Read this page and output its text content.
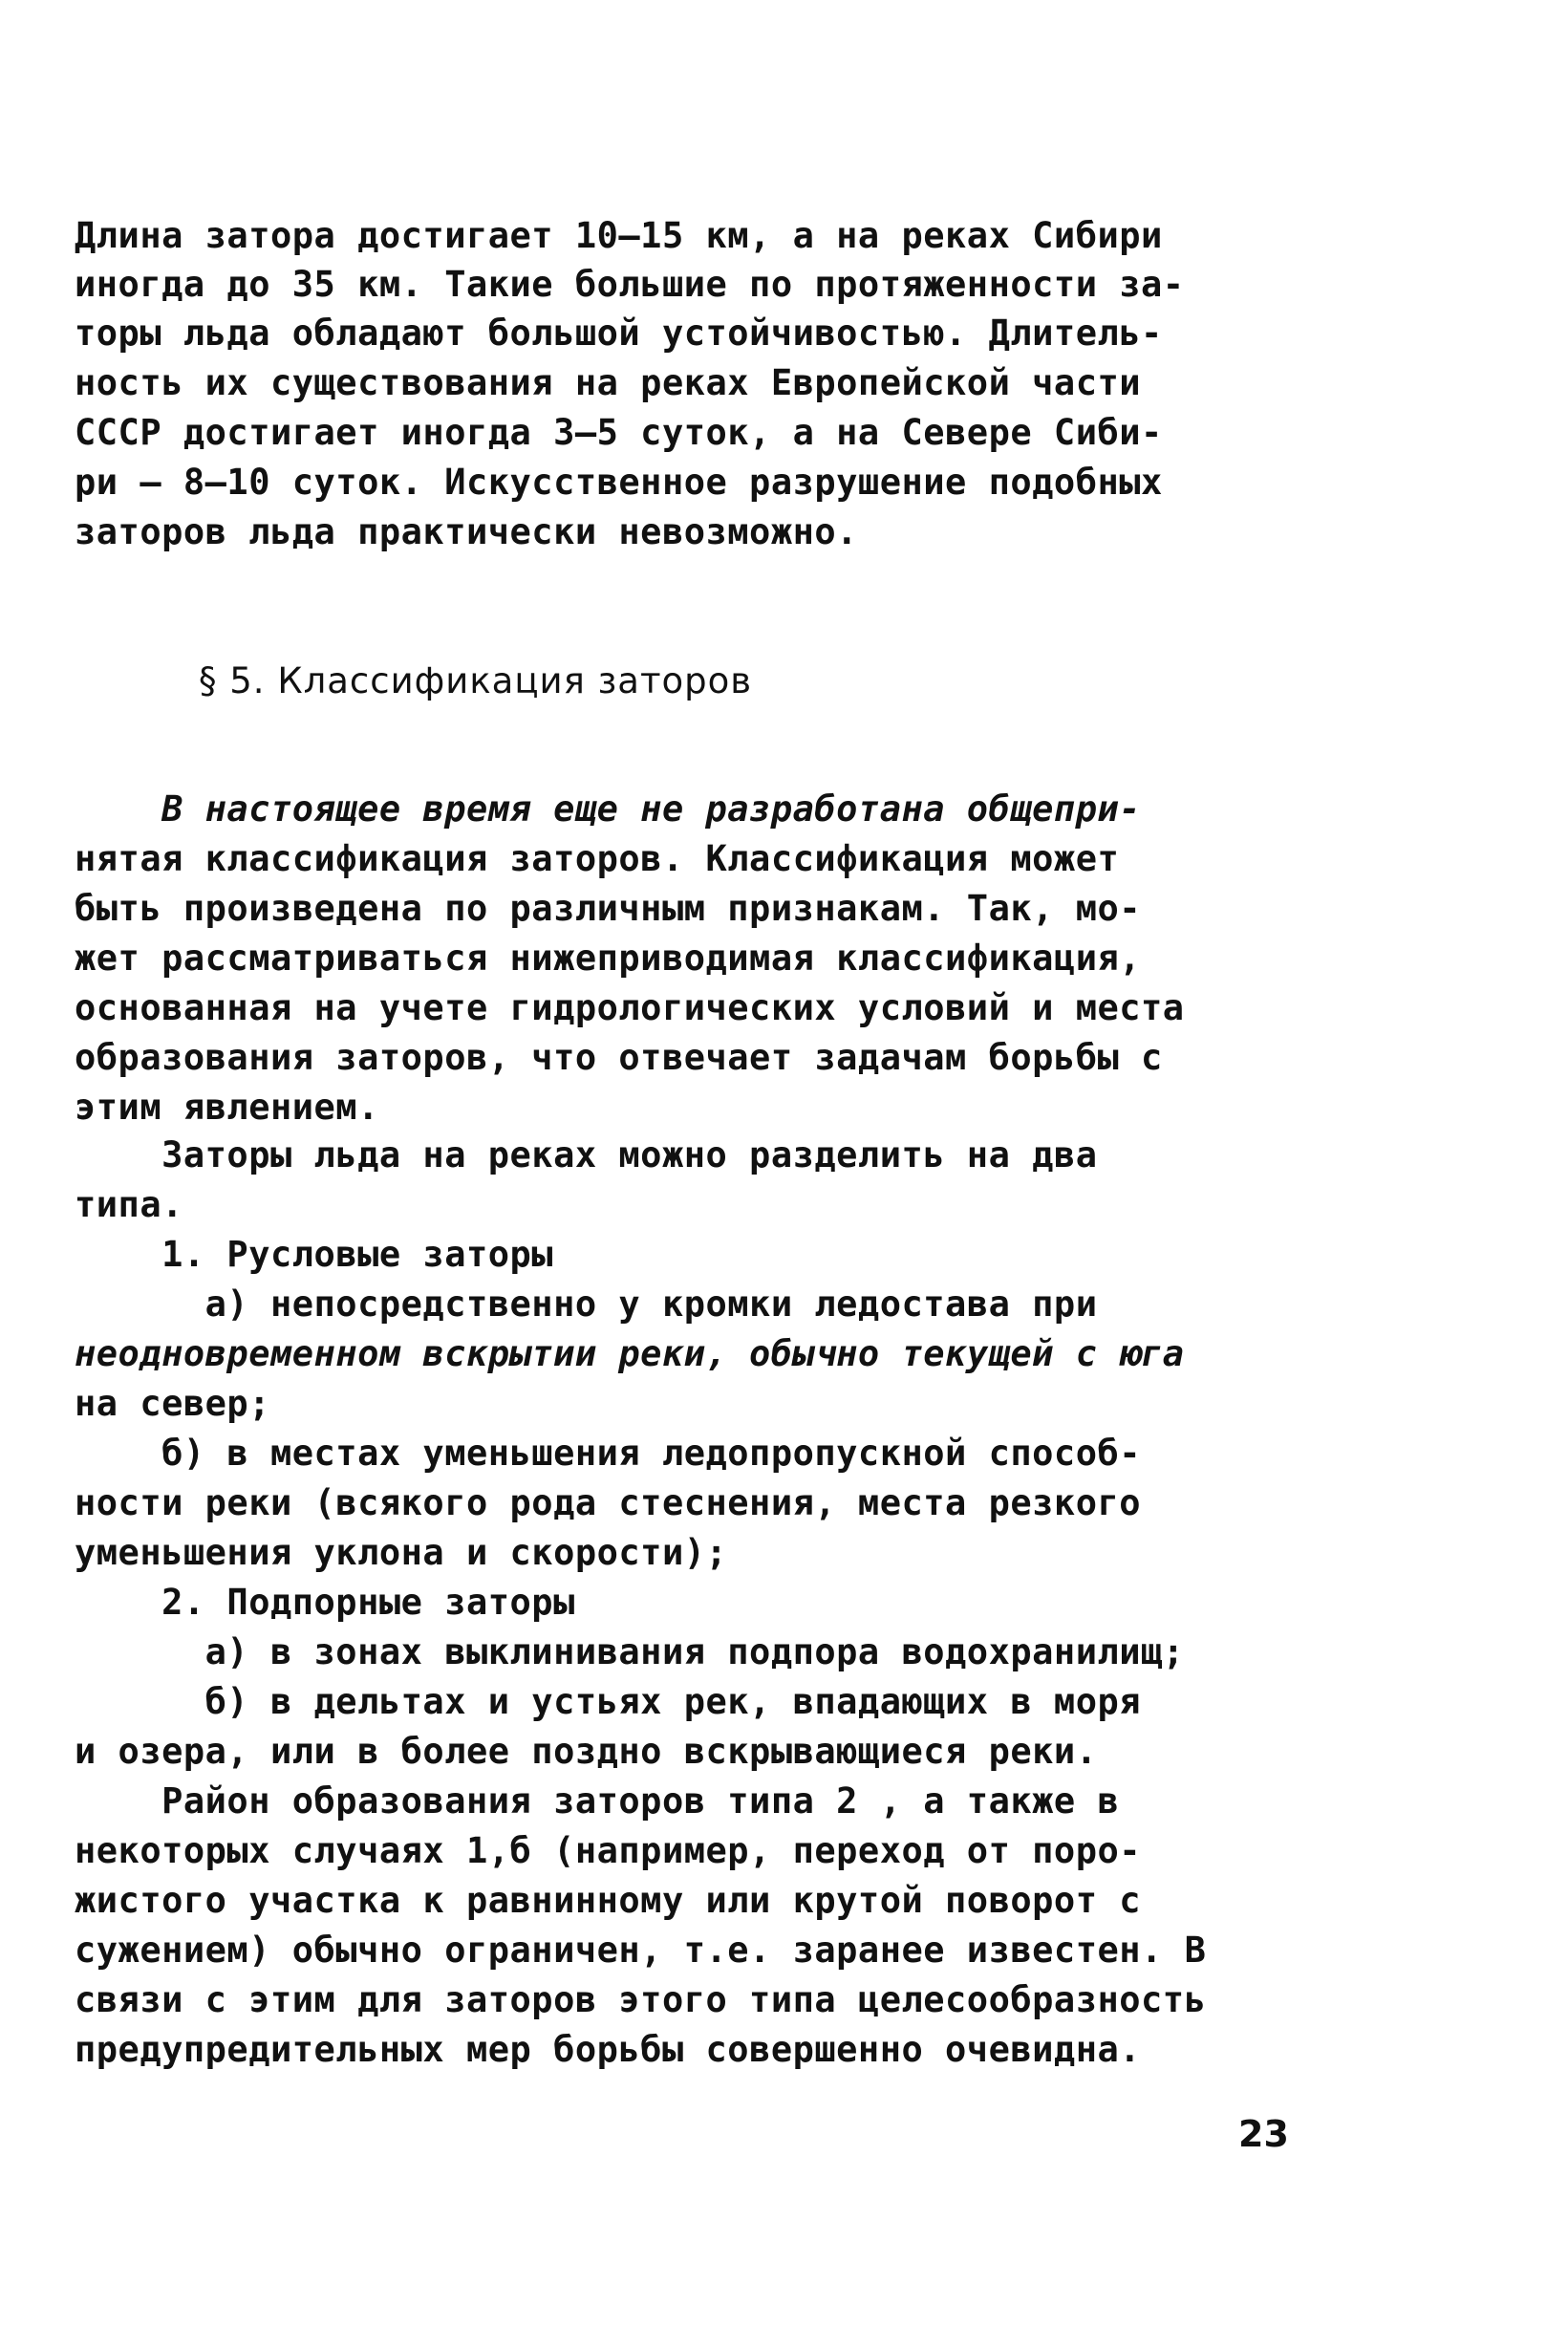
Длина затора достигает 10–15 км, а на реках Сибири
иногда до 35 км. Такие большие по протяженности за-
торы льда обладают большой устойчивостью. Длитель-
ность их существования на реках Европейской части
СССР достигает иногда 3–5 суток, а на Севере Сиби-
ри – 8–10 суток. Искусственное разрушение подобных
заторов льда практически невозможно.
§ 5. Классификация заторов
В настоящее время еще не разработана общепри-
нятая классификация заторов. Классификация может
быть произведена по различным признакам. Так, мо-
жет рассматриваться нижеприводимая классификация,
основанная на учете гидрологических условий и места
образования заторов, что отвечает задачам борьбы с
этим явлением.
Заторы льда на реках можно разделить на два
типа.
1. Русловые заторы
а) непосредственно у кромки ледостава при
неодновременном вскрытии реки, обычно текущей с юга
на север;
б) в местах уменьшения ледопропускной способ-
ности реки (всякого рода стеснения, места резкого
уменьшения уклона и скорости);
2. Подпорные заторы
а) в зонах выклинивания подпора водохранилищ;
б) в дельтах и устьях рек, впадающих в моря
и озера, или в более поздно вскрывающиеся реки.
Район образования заторов типа 2 , а также в
некоторых случаях 1,б (например, переход от поро-
жистого участка к равнинному или крутой поворот с
сужением) обычно ограничен, т.е. заранее известен. В
связи с этим для заторов этого типа целесообразность
предупредительных мер борьбы совершенно очевидна.
23
